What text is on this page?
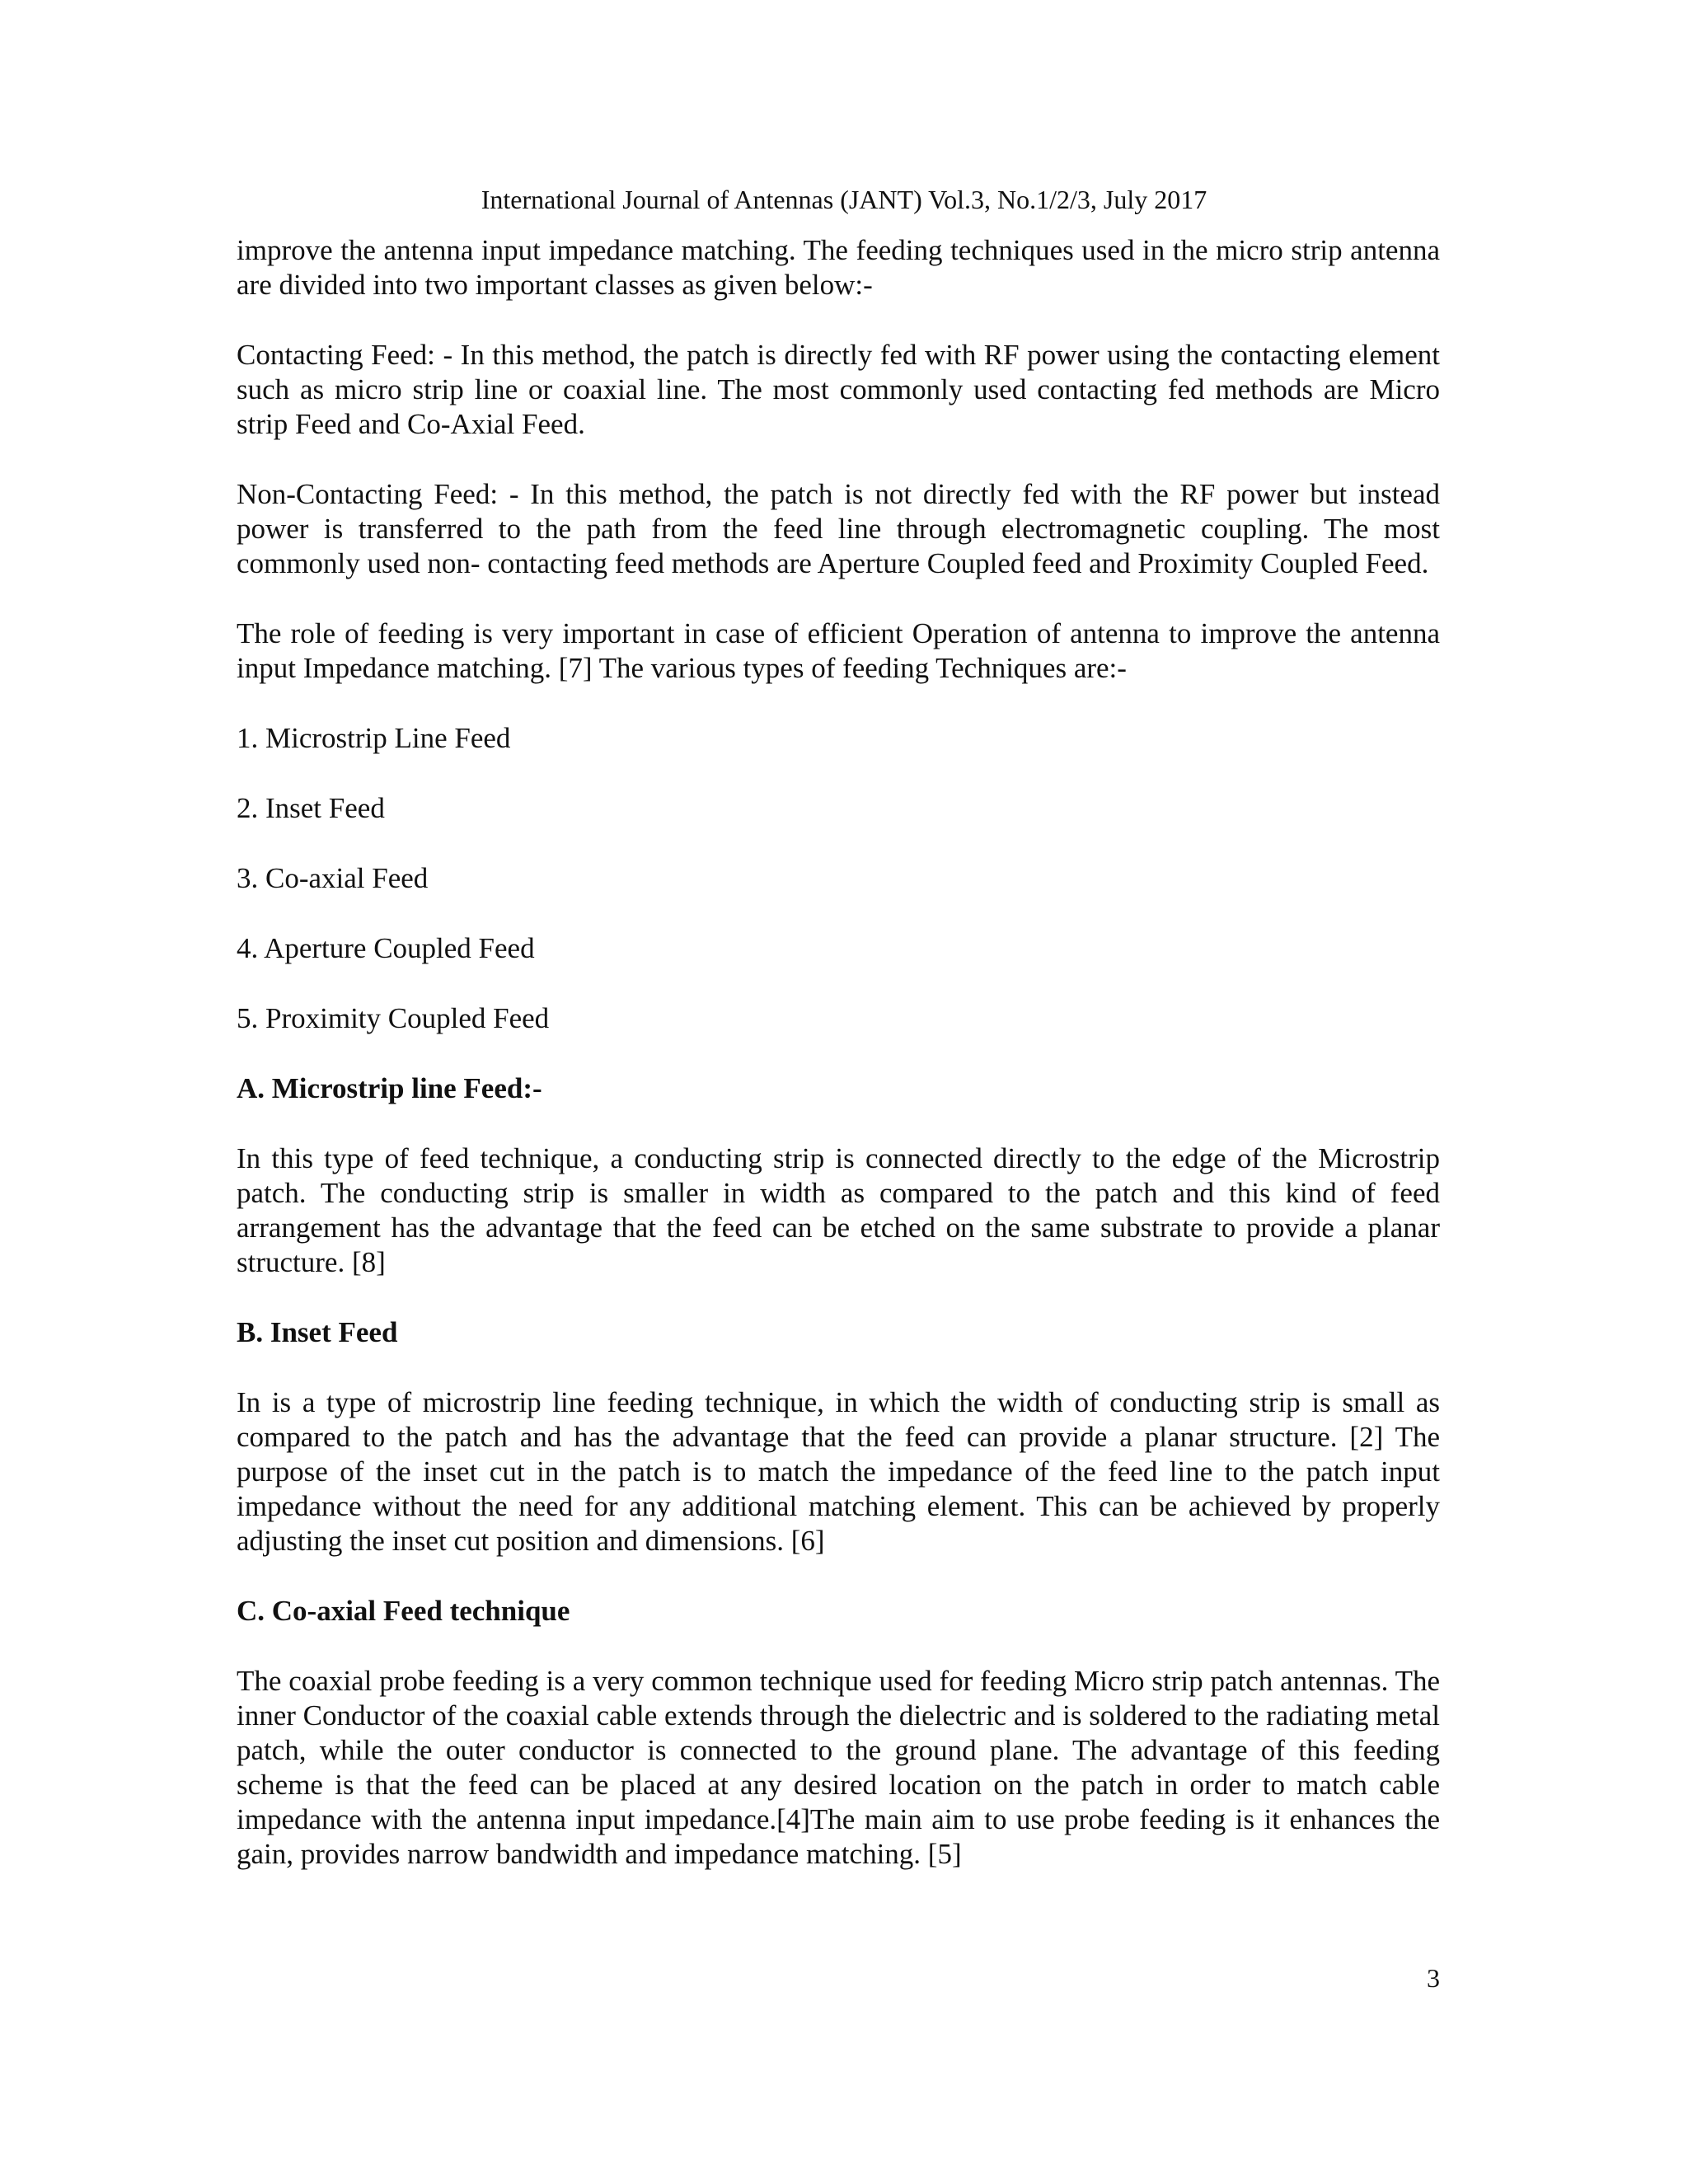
International Journal of Antennas (JANT) Vol.3, No.1/2/3, July 2017

improve the antenna input impedance matching. The feeding techniques used in the micro strip antenna are divided into two important classes as given below:-

Contacting Feed: - In this method, the patch is directly fed with RF power using the contacting element such as micro strip line or coaxial line. The most commonly used contacting fed methods are Micro strip Feed and Co-Axial Feed.

Non-Contacting Feed: - In this method, the patch is not directly fed with the RF power but instead power is transferred to the path from the feed line through electromagnetic coupling. The most commonly used non- contacting feed methods are Aperture Coupled feed and Proximity Coupled Feed.

The role of feeding is very important in case of efficient Operation of antenna to improve the antenna input Impedance matching. [7] The various types of feeding Techniques are:-

1. Microstrip Line Feed
2. Inset Feed
3. Co-axial Feed
4. Aperture Coupled Feed
5. Proximity Coupled Feed
A. Microstrip line Feed:-

In this type of feed technique, a conducting strip is connected directly to the edge of the Microstrip patch. The conducting strip is smaller in width as compared to the patch and this kind of feed arrangement has the advantage that the feed can be etched on the same substrate to provide a planar structure. [8]

B. Inset Feed

In is a type of microstrip line feeding technique, in which the width of conducting strip is small as compared to the patch and has the advantage that the feed can provide a planar structure. [2] The purpose of the inset cut in the patch is to match the impedance of the feed line to the patch input impedance without the need for any additional matching element. This can be achieved by properly adjusting the inset cut position and dimensions. [6]

C. Co-axial Feed technique

The coaxial probe feeding is a very common technique used for feeding Micro strip patch antennas. The inner Conductor of the coaxial cable extends through the dielectric and is soldered to the radiating metal patch, while the outer conductor is connected to the ground plane. The advantage of this feeding scheme is that the feed can be placed at any desired location on the patch in order to match cable impedance with the antenna input impedance.[4]The main aim to use probe feeding is it enhances the gain, provides narrow bandwidth and impedance matching. [5]

3
